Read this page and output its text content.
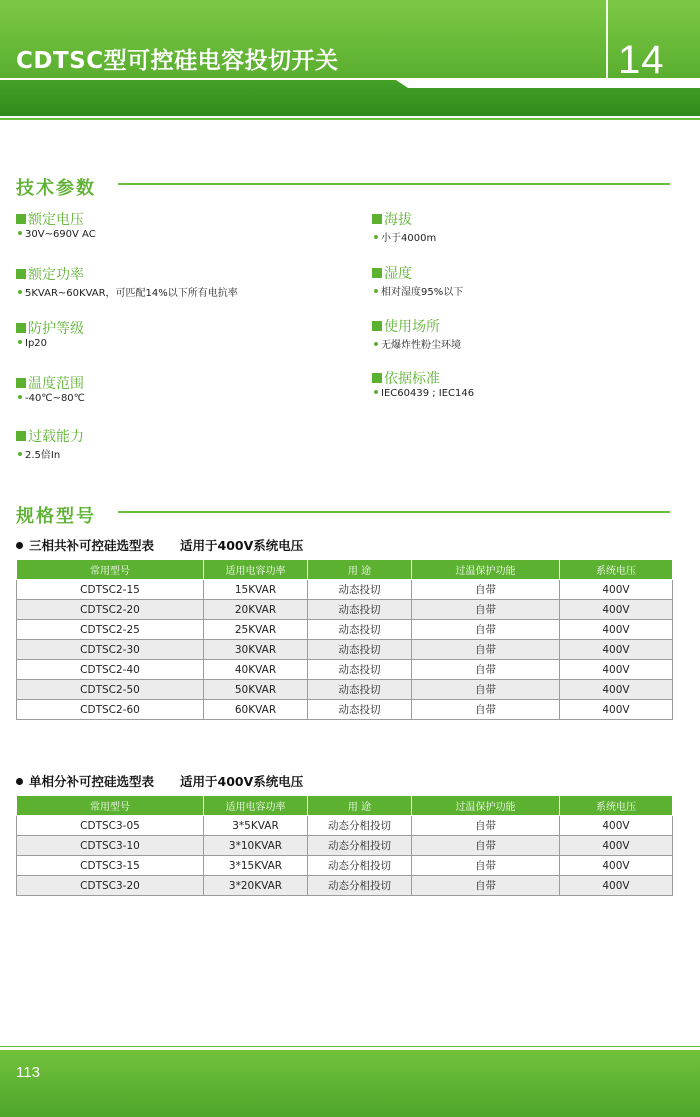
CDTSC型可控硅电容投切开关	14
技术参数
额定电压
30V~690V AC
额定功率
5KVAR~60KVAR，可匹配14%以下所有电抗率
防护等级
Ip20
温度范围
-40℃~80℃
过载能力
2.5倍In
海拔
小于4000m
湿度
相对湿度95%以下
使用场所
无爆炸性粉尘环境
依据标准
IEC60439 ; IEC146
规格型号
三相共补可控硅选型表 适用于400V系统电压
常用型号	适用电容功率	用 途	过温保护功能	系统电压
CDTSC2-15	15KVAR	动态投切	自带	400V
CDTSC2-20	20KVAR	动态投切	自带	400V
CDTSC2-25	25KVAR	动态投切	自带	400V
CDTSC2-30	30KVAR	动态投切	自带	400V
CDTSC2-40	40KVAR	动态投切	自带	400V
CDTSC2-50	50KVAR	动态投切	自带	400V
CDTSC2-60	60KVAR	动态投切	自带	400V
单相分补可控硅选型表 适用于400V系统电压
常用型号	适用电容功率	用 途	过温保护功能	系统电压
CDTSC3-05	3*5KVAR	动态分相投切	自带	400V
CDTSC3-10	3*10KVAR	动态分相投切	自带	400V
CDTSC3-15	3*15KVAR	动态分相投切	自带	400V
CDTSC3-20	3*20KVAR	动态分相投切	自带	400V
113
